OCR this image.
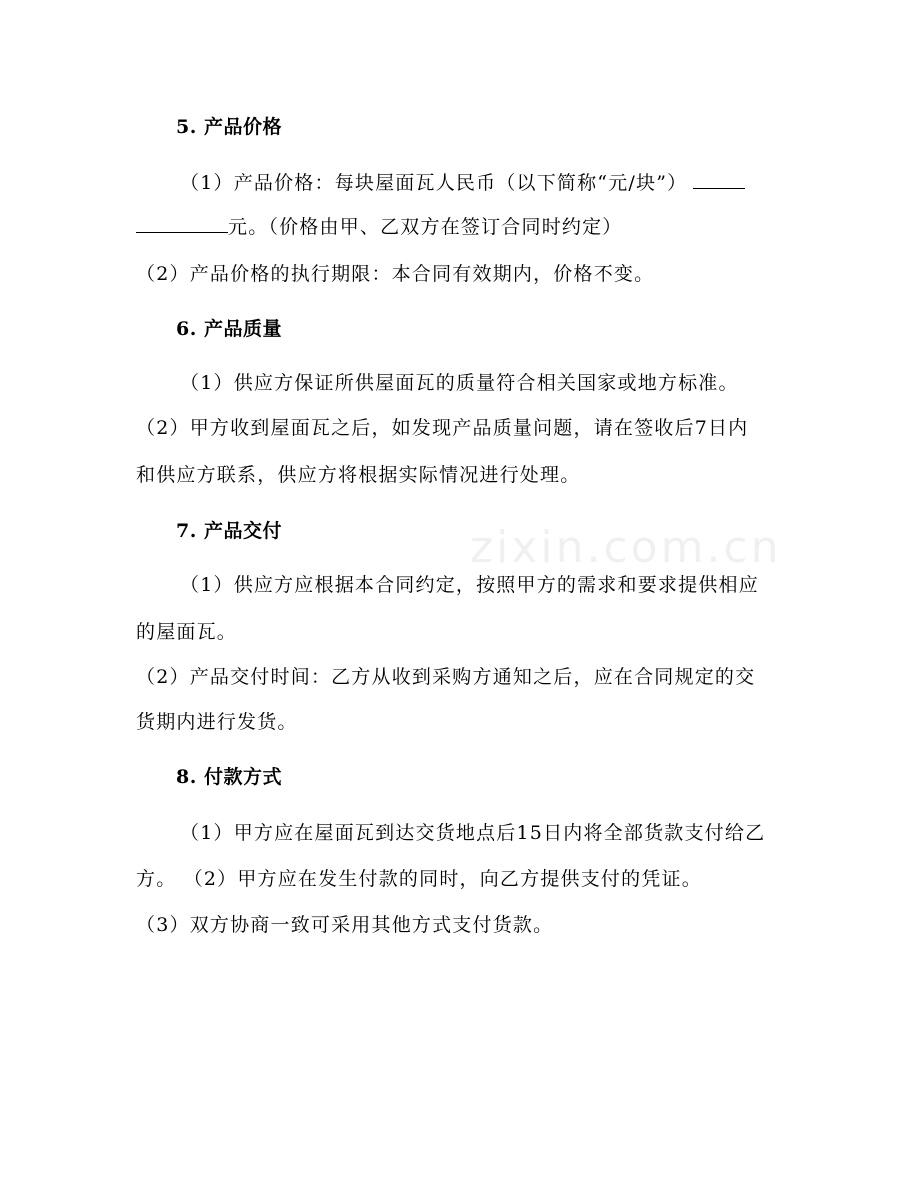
zixin.com.cn
5. 产品价格
（1）产品价格：每块屋面瓦人民币（以下简称“元/块”）
元。（价格由甲、乙双方在签订合同时约定）
（2）产品价格的执行期限：本合同有效期内，价格不变。
6. 产品质量
（1）供应方保证所供屋面瓦的质量符合相关国家或地方标准。
（2）甲方收到屋面瓦之后，如发现产品质量问题，请在签收后7日内
和供应方联系，供应方将根据实际情况进行处理。
7. 产品交付
（1）供应方应根据本合同约定，按照甲方的需求和要求提供相应
的屋面瓦。
（2）产品交付时间：乙方从收到采购方通知之后，应在合同规定的交
货期内进行发货。
8. 付款方式
（1）甲方应在屋面瓦到达交货地点后15日内将全部货款支付给乙
方。 （2）甲方应在发生付款的同时，向乙方提供支付的凭证。
（3）双方协商一致可采用其他方式支付货款。
